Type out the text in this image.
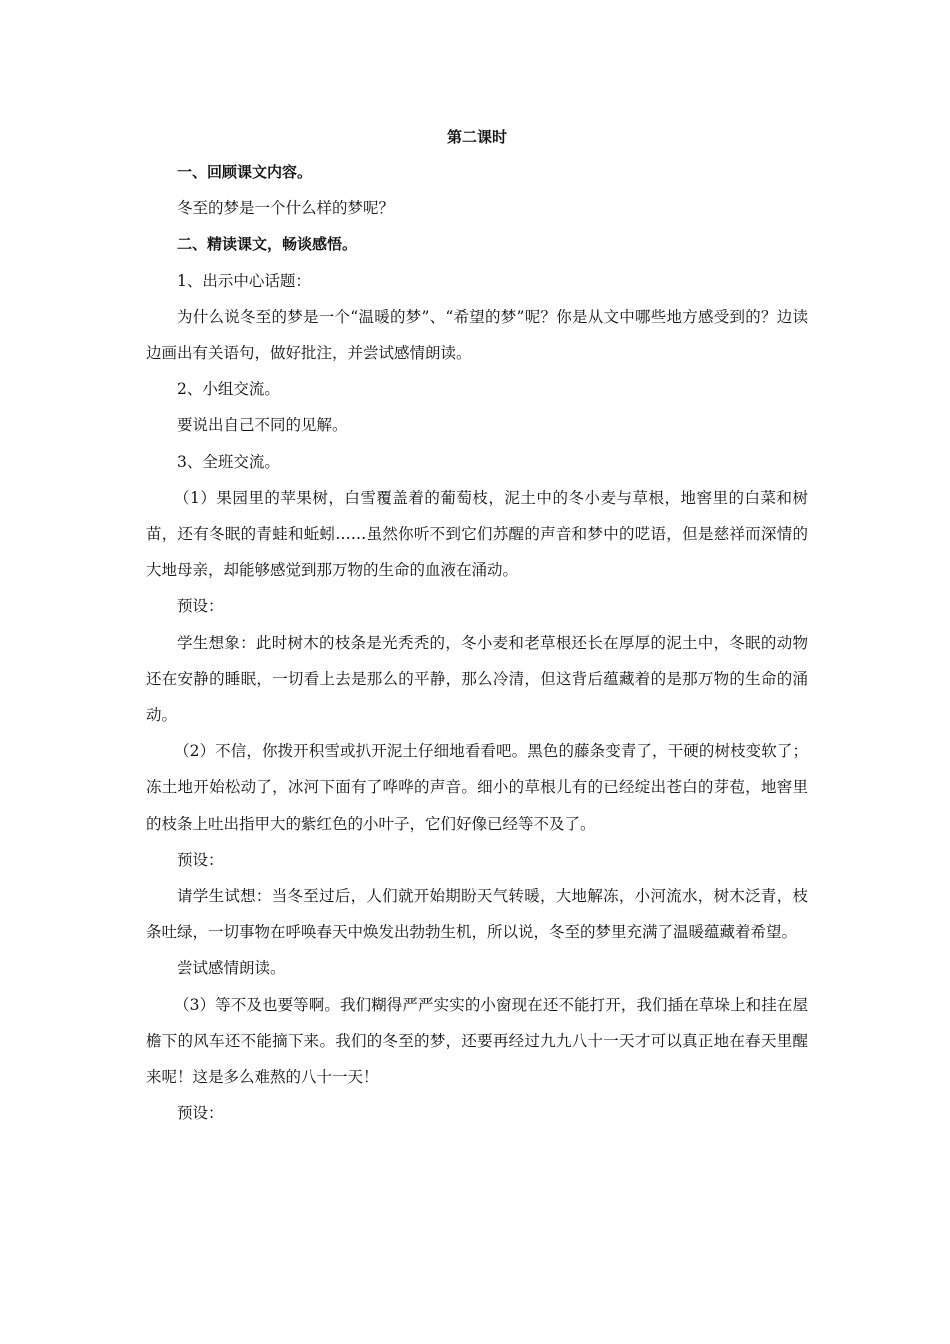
第二课时

一、回顾课文内容。

冬至的梦是一个什么样的梦呢？

二、精读课文，畅谈感悟。

1、出示中心话题：

为什么说冬至的梦是一个“温暖的梦”、“希望的梦”呢？你是从文中哪些地方感受到的？边读边画出有关语句，做好批注，并尝试感情朗读。

2、小组交流。

要说出自己不同的见解。

3、全班交流。

（1）果园里的苹果树，白雪覆盖着的葡萄枝，泥土中的冬小麦与草根，地窖里的白菜和树苗，还有冬眠的青蛙和蚯蚓……虽然你听不到它们苏醒的声音和梦中的呓语，但是慈祥而深情的大地母亲，却能够感觉到那万物的生命的血液在涌动。

预设：

学生想象：此时树木的枝条是光秃秃的，冬小麦和老草根还长在厚厚的泥土中，冬眠的动物还在安静的睡眠，一切看上去是那么的平静，那么冷清，但这背后蕴藏着的是那万物的生命的涌动。

（2）不信，你拨开积雪或扒开泥土仔细地看看吧。黑色的藤条变青了，干硬的树枝变软了；冻土地开始松动了，冰河下面有了哗哗的声音。细小的草根儿有的已经绽出苍白的芽苞，地窖里的枝条上吐出指甲大的紫红色的小叶子，它们好像已经等不及了。

预设：

请学生试想：当冬至过后，人们就开始期盼天气转暖，大地解冻，小河流水，树木泛青，枝条吐绿，一切事物在呼唤春天中焕发出勃勃生机，所以说，冬至的梦里充满了温暖蕴藏着希望。

尝试感情朗读。

（3）等不及也要等啊。我们糊得严严实实的小窗现在还不能打开，我们插在草垛上和挂在屋檐下的风车还不能摘下来。我们的冬至的梦，还要再经过九九八十一天才可以真正地在春天里醒来呢！这是多么难熬的八十一天！

预设：
